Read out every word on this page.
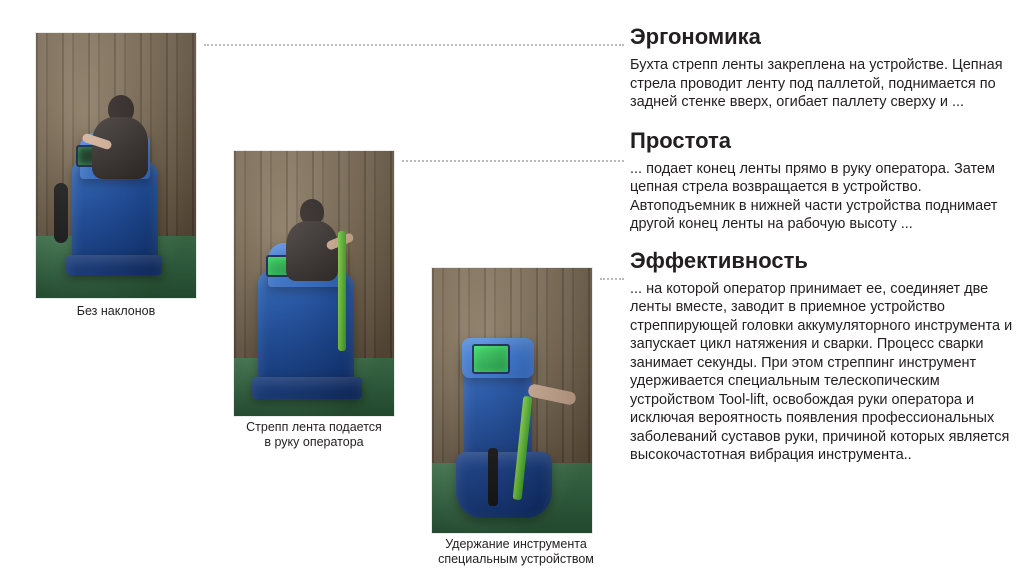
Без наклонов
Стрепп лента подается
в руку оператора
Удержание инструмента
специальным устройством
Эргономика

Бухта стрепп ленты закреплена на устройстве. Цепная стрела проводит ленту под паллетой, поднимается по задней стенке вверх, огибает паллету сверху и ...

Простота

... подает конец ленты прямо в руку оператора. Затем цепная стрела возвращается в устройство. Автоподъемник в нижней части устройства поднимает другой конец ленты на рабочую высоту ...

Эффективность

... на которой оператор принимает ее, соединяет две ленты вместе, заводит в приемное устройство стреппирующей головки аккумуляторного инструмента и запускает цикл натяжения и сварки. Процесс сварки занимает секунды. При этом стреппинг инструмент удерживается специальным телескопическим устройством Tool-lift, освобождая руки оператора и исключая вероятность появления профессиональных заболеваний суставов руки, причиной которых является высокочастотная вибрация инструмента..
